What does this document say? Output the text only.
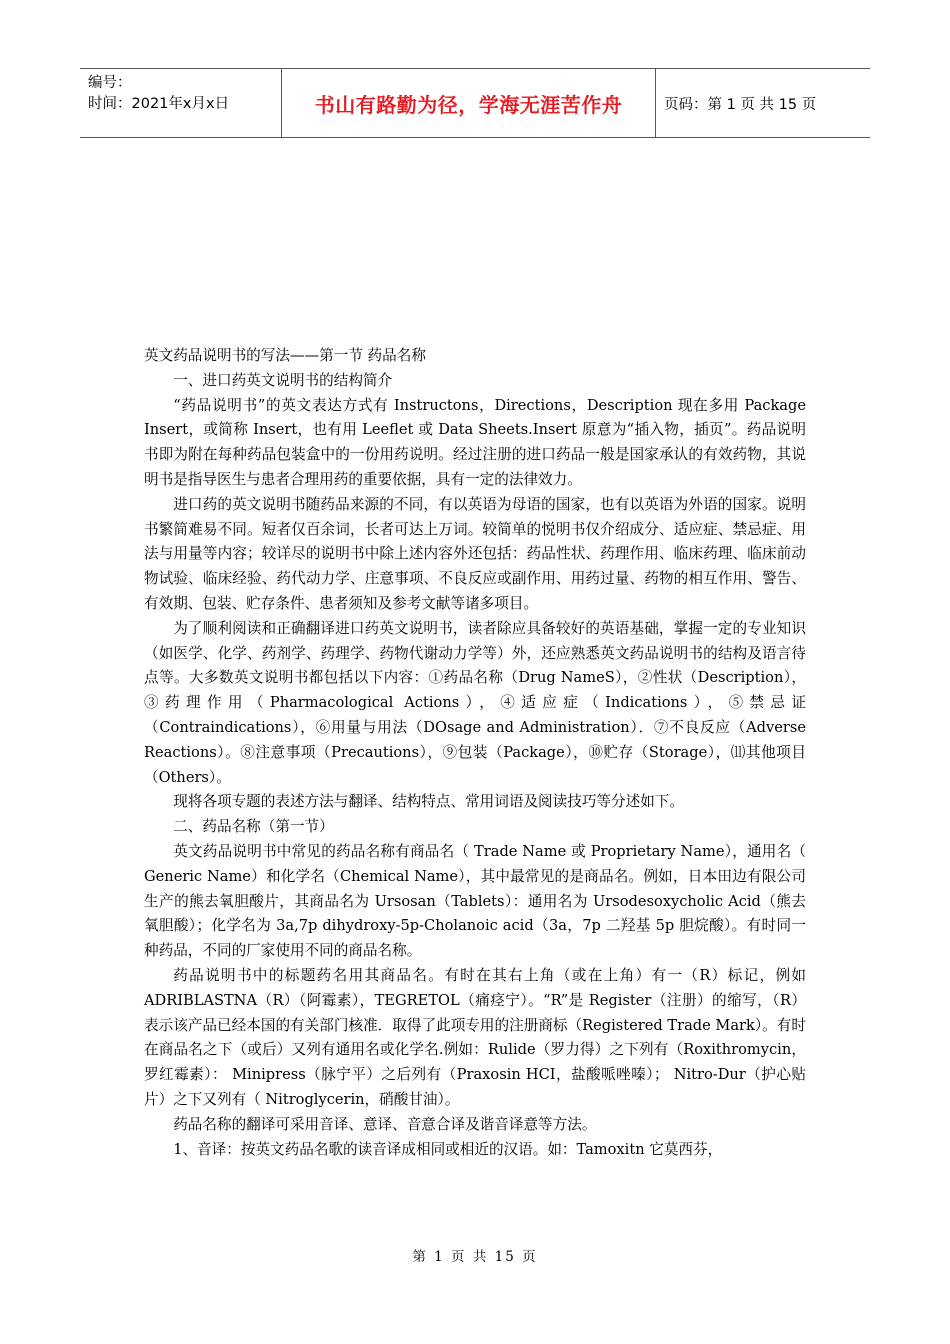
编号：
时间：2021年x月x日	书山有路勤为径，学海无涯苦作舟	页码：第 1 页 共 15 页

英文药品说明书的写法——第一节 药品名称

一、进口药英文说明书的结构简介

“药品说明书”的英文表达方式有 Instructons，Directions，Description 现在多用 Package Insert，或简称 Insert，也有用 Leeflet 或 Data Sheets.Insert 原意为“插入物，插页”。药品说明书即为附在每种药品包装盒中的一份用药说明。经过注册的进口药品一般是国家承认的有效药物，其说明书是指导医生与患者合理用药的重要依据，具有一定的法律效力。

进口药的英文说明书随药品来源的不同，有以英语为母语的国家，也有以英语为外语的国家。说明书繁简难易不同。短者仅百余词，长者可达上万词。较简单的悦明书仅介绍成分、适应症、禁忌症、用法与用量等内容；较详尽的说明书中除上述内容外还包括：药品性状、药理作用、临床药理、临床前动物试验、临床经验、药代动力学、庄意事项、不良反应或副作用、用药过量、药物的相互作用、警告、有效期、包装、贮存条件、患者须知及参考文献等诸多项目。

为了顺利阅读和正确翻译进口药英文说明书，读者除应具备较好的英语基础，掌握一定的专业知识（如医学、化学、药剂学、药理学、药物代谢动力学等）外，还应熟悉英文药品说明书的结构及语言待点等。大多数英文说明书都包括以下内容：①药品名称（Drug NameS），②性状（Description），③药理作用（Pharmacological Actions），④适应症（Indications），⑤禁忌证（Contraindications），⑥用量与用法（DOsage and Administration）．⑦不良反应（Adverse Reactions）。⑧注意事项（Precautions），⑨包装（Package），⑩贮存（Storage），⑾其他项目（Others）。

现将各项专题的表述方法与翻译、结构特点、常用词语及阅读技巧等分述如下。

二、药品名称（第一节）

英文药品说明书中常见的药品名称有商品名（ Trade Name 或 Proprietary Name），通用名（ Generic Name）和化学名（Chemical Name），其中最常见的是商品名。例如，日本田边有限公司生产的熊去氧胆酸片，其商品名为 Ursosan（Tablets）：通用名为 Ursodesoxycholic Acid（熊去氧胆酸）；化学名为 3a,7p dihydroxy-5p-Cholanoic acid（3a，7p 二羟基 5p 胆烷酸）。有时同一种药品，不同的厂家使用不同的商品名称。

药品说明书中的标题药名用其商品名。有时在其右上角（或在上角）有一（R）标记，例如 ADRIBLASTNA（R）（阿霉素），TEGRETOL（痛痉宁）。“R”是 Register（注册）的缩写，（R）表示该产品已经本国的有关部门核准．取得了此项专用的注册商标（Registered Trade Mark）。有时在商品名之下（或后）又列有通用名或化学名.例如：Rulide（罗力得）之下列有（Roxithromycin，罗红霉素）： Minipress（脉宁平）之后列有（Praxosin HCI，盐酸哌唑嗪）； Nitro-Dur（护心贴片）之下又列有（ Nitroglycerin，硝酸甘油）。

药品名称的翻译可采用音译、意译、音意合译及谐音译意等方法。

1、音译：按英文药品名歌的读音译成相同或相近的汉语。如：Tamoxitn 它莫西芬，

第 1 页 共 15 页
